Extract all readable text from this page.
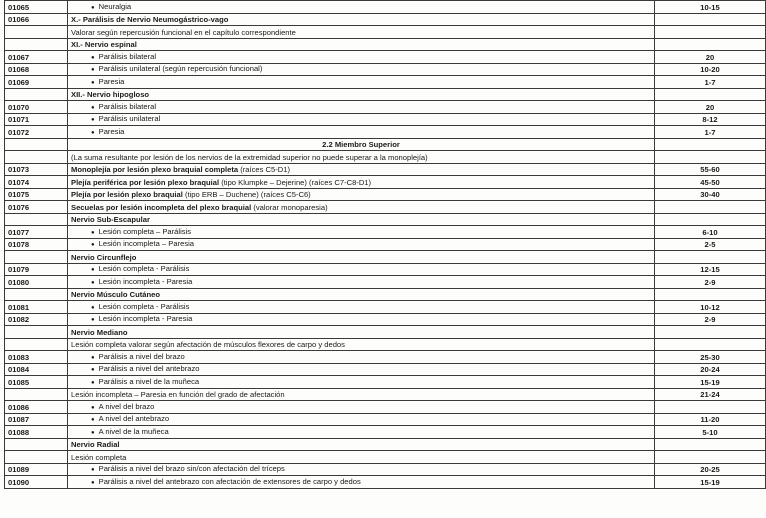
01065	● Neuralgia	10-15
01066	X.- Parálisis de Nervio Neumogástrico-vago	
	Valorar según repercusión funcional en el capítulo correspondiente	
	XI.- Nervio espinal	
01067	● Parálisis bilateral	20
01068	● Parálisis unilateral (según repercusión funcional)	10-20
01069	● Paresia	1-7
	XII.- Nervio hipogloso	
01070	● Parálisis bilateral	20
01071	● Parálisis unilateral	8-12
01072	● Paresia	1-7
	2.2 Miembro Superior	
	(La suma resultante por lesión de los nervios de la extremidad superior no puede superar a la monoplejía)	
01073	Monoplejía por lesión plexo braquial completa (raíces C5-D1)	55-60
01074	Plejía periférica por lesión plexo braquial (tipo Klumpke – Dejerine) (raíces C7-C8-D1)	45-50
01075	Plejía por lesión plexo braquial (tipo ERB – Duchene) (raíces C5-C6)	30-40
01076	Secuelas por lesión incompleta del plexo braquial (valorar monoparesia)	
	Nervio Sub-Escapular	
01077	● Lesión completa – Parálisis	6-10
01078	● Lesión incompleta – Paresia	2-5
	Nervio Circunflejo	
01079	● Lesión completa - Parálisis	12-15
01080	● Lesión incompleta - Paresia	2-9
	Nervio Músculo Cutáneo	
01081	● Lesión completa - Parálisis	10-12
01082	● Lesión incompleta - Paresia	2-9
	Nervio Mediano	
	Lesión completa valorar según afectación de músculos flexores de carpo y dedos	
01083	● Parálisis a nivel del brazo	25-30
01084	● Parálisis a nivel del antebrazo	20-24
01085	● Parálisis a nivel de la muñeca	15-19
	Lesión incompleta – Paresia en función del grado de afectación	21-24
01086	● A nivel del brazo	
01087	● A nivel del antebrazo	11-20
01088	● A nivel de la muñeca	5-10
	Nervio Radial	
	Lesión completa	
01089	● Parálisis a nivel del brazo sin/con afectación del tríceps	20-25
01090	● Parálisis a nivel del antebrazo con afectación de extensores de carpo y dedos	15-19
